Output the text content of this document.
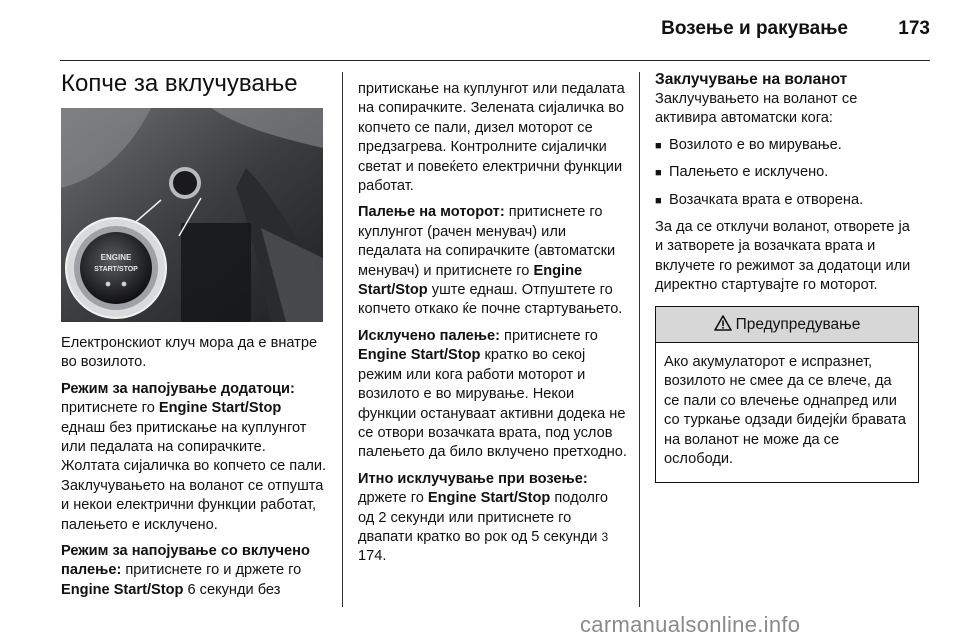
Возење и ракување	173
Копче за вклучување
ENGINE
START/STOP

Електронскиот клуч мора да е внатре во возилото.

Режим за напојување додатоци: притиснете го Engine Start/Stop еднаш без притискање на куплунгот или педалата на сопирачките. Жолтата сијаличка во копчето се пали. Заклучувањето на воланот се отпушта и некои електрични функции работат, палењето е исклучено.

Режим за напојување со вклучено палење: притиснете го и држете го Engine Start/Stop 6 секунди без

притискање на куплунгот или педалата на сопирачките. Зелената сијаличка во копчето се пали, дизел моторот се предзагрева. Контролните сијалички светат и повеќето електрични функции работат.

Палење на моторот: притиснете го куплунгот (рачен менувач) или педалата на сопирачките (автоматски менувач) и притиснете го Engine Start/Stop уште еднаш. Отпуштете го копчето откако ќе почне стартувањето.

Исклучено палење: притиснете го Engine Start/Stop кратко во секој режим или кога работи моторот и возилото е во мирување. Некои функции остануваат активни додека не се отвори возачката врата, под услов палењето да било вклучено претходно.

Итно исклучување при возење: држете го Engine Start/Stop подолго од 2 секунди или притиснете го двапати кратко во рок од 5 секунди 3 174.

Заклучување на воланот

Заклучувањето на воланот се активира автоматски кога:

■ Возилото е во мирување.

■ Палењето е исклучено.

■ Возачката врата е отворена.

За да се отклучи воланот, отворете ја и затворете ја возачката врата и вклучете го режимот за додатоци или директно стартувајте го моторот.

Предупредување
Ако акумулаторот е испразнет, возилото не смее да се влече, да се пали со влечење однапред или со туркање одзади бидејќи бравата на воланот не може да се ослободи.
carmanualsonline.info
